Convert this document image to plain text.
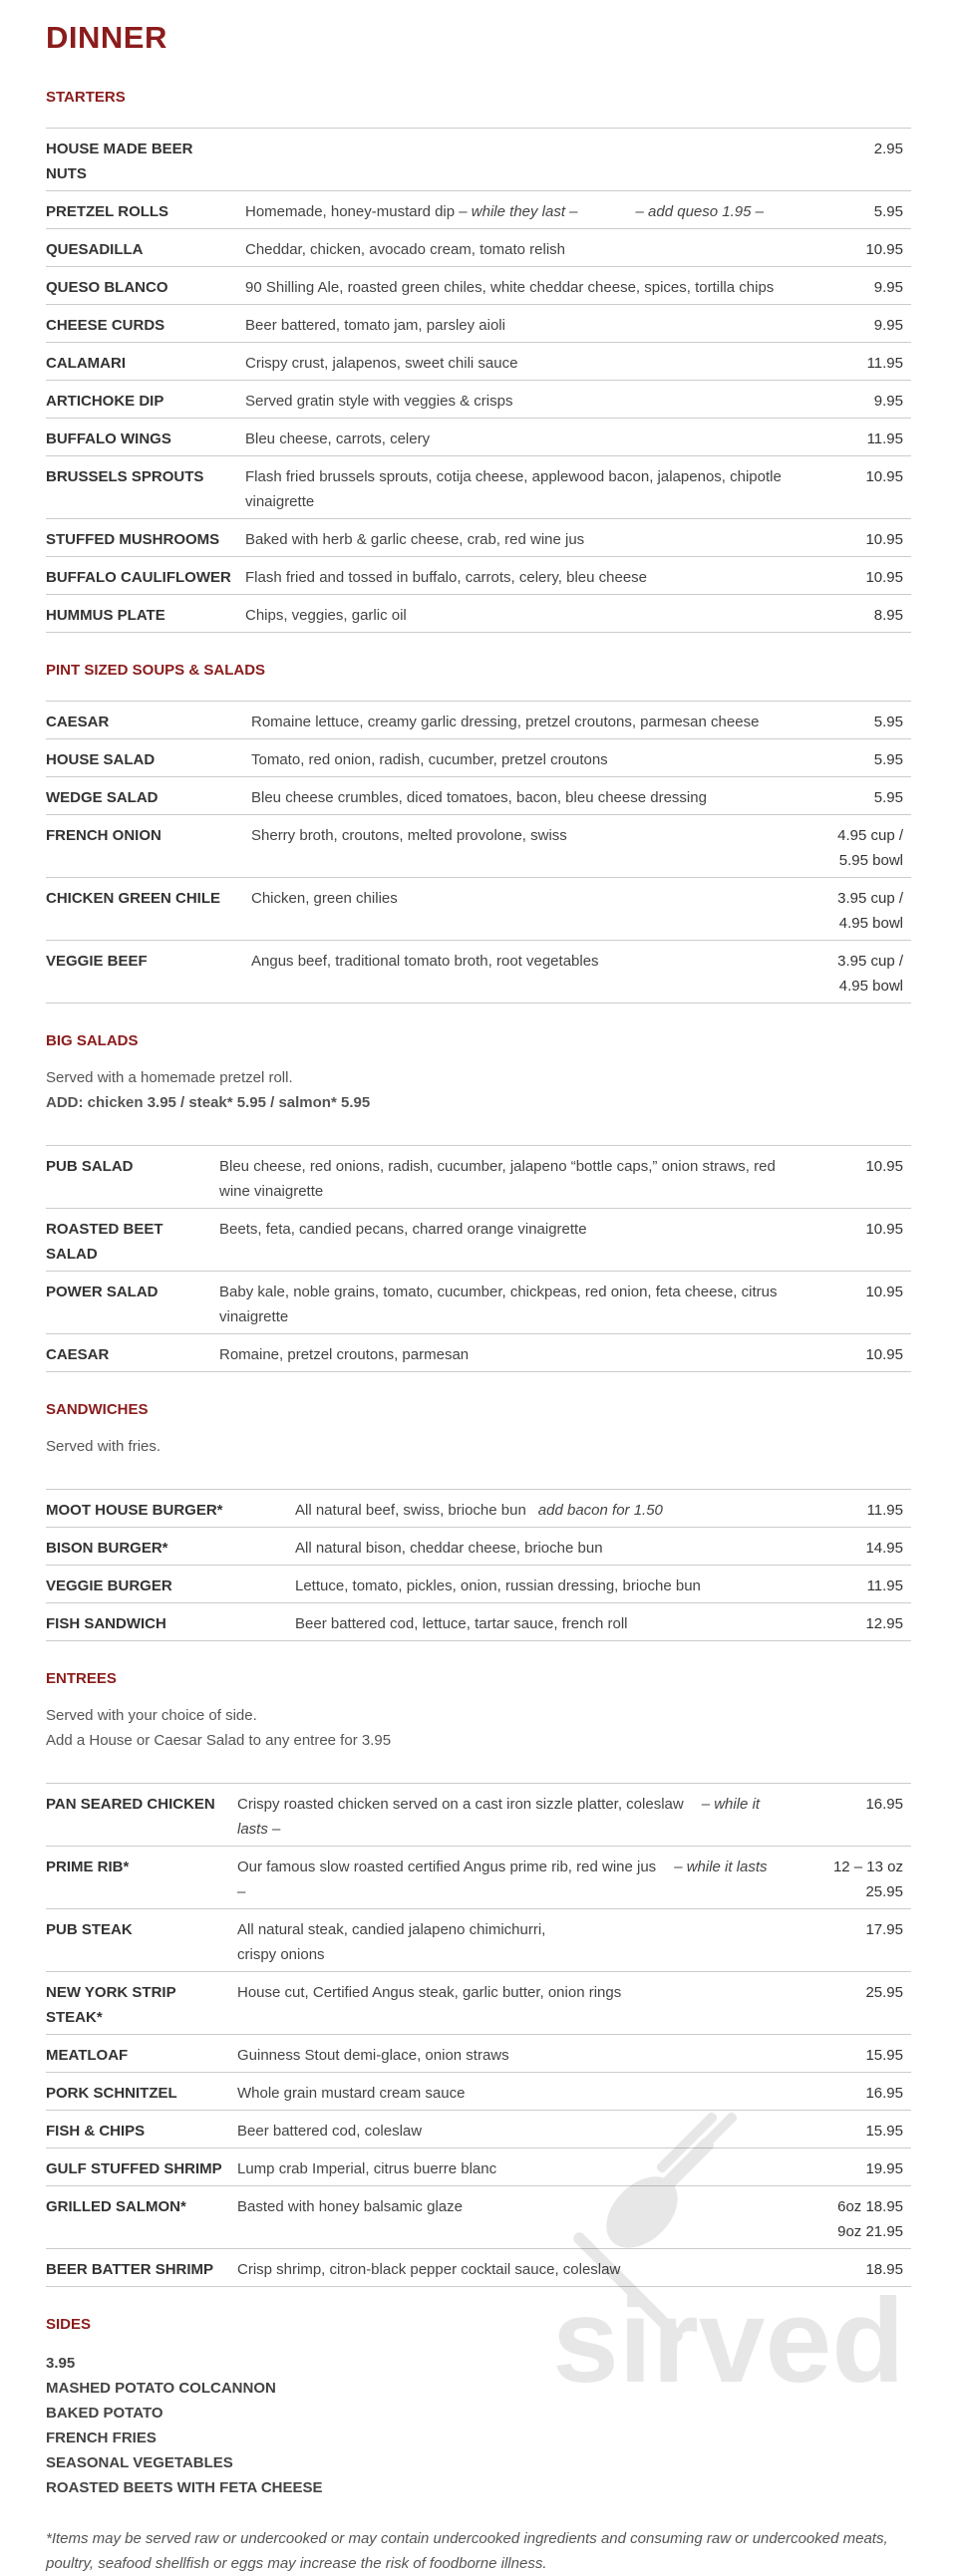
DINNER
STARTERS
HOUSE MADE BEER NUTS		2.95
PRETZEL ROLLS	Homemade, honey-mustard dip – while they last – – add queso 1.95 –	5.95
QUESADILLA	Cheddar, chicken, avocado cream, tomato relish	10.95
QUESO BLANCO	90 Shilling Ale, roasted green chiles, white cheddar cheese, spices, tortilla chips	9.95
CHEESE CURDS	Beer battered, tomato jam, parsley aioli	9.95
CALAMARI	Crispy crust, jalapenos, sweet chili sauce	11.95
ARTICHOKE DIP	Served gratin style with veggies & crisps	9.95
BUFFALO WINGS	Bleu cheese, carrots, celery	11.95
BRUSSELS SPROUTS	Flash fried brussels sprouts, cotija cheese, applewood bacon, jalapenos, chipotle vinaigrette	10.95
STUFFED MUSHROOMS	Baked with herb & garlic cheese, crab, red wine jus	10.95
BUFFALO CAULIFLOWER	Flash fried and tossed in buffalo, carrots, celery, bleu cheese	10.95
HUMMUS PLATE	Chips, veggies, garlic oil	8.95
PINT SIZED SOUPS & SALADS
CAESAR	Romaine lettuce, creamy garlic dressing, pretzel croutons, parmesan cheese	5.95
HOUSE SALAD	Tomato, red onion, radish, cucumber, pretzel croutons	5.95
WEDGE SALAD	Bleu cheese crumbles, diced tomatoes, bacon, bleu cheese dressing	5.95
FRENCH ONION	Sherry broth, croutons, melted provolone, swiss	4.95 cup /
5.95 bowl

CHICKEN GREEN CHILE	Chicken, green chilies	3.95 cup /
4.95 bowl

VEGGIE BEEF	Angus beef, traditional tomato broth, root vegetables	3.95 cup /
4.95 bowl
BIG SALADS
Served with a homemade pretzel roll.
ADD: chicken 3.95 / steak* 5.95 / salmon* 5.95
PUB SALAD	Bleu cheese, red onions, radish, cucumber, jalapeno “bottle caps,” onion straws, red wine vinaigrette	10.95
ROASTED BEET SALAD	Beets, feta, candied pecans, charred orange vinaigrette	10.95
POWER SALAD	Baby kale, noble grains, tomato, cucumber, chickpeas, red onion, feta cheese, citrus vinaigrette	10.95
CAESAR	Romaine, pretzel croutons, parmesan	10.95
SANDWICHES
Served with fries.
MOOT HOUSE BURGER*	All natural beef, swiss, brioche bun add bacon for 1.50	11.95
BISON BURGER*	All natural bison, cheddar cheese, brioche bun	14.95
VEGGIE BURGER	Lettuce, tomato, pickles, onion, russian dressing, brioche bun	11.95
FISH SANDWICH	Beer battered cod, lettuce, tartar sauce, french roll	12.95
ENTREES
Served with your choice of side.
Add a House or Caesar Salad to any entree for 3.95
PAN SEARED CHICKEN	Crispy roasted chicken served on a cast iron sizzle platter, coleslaw – while it lasts –	16.95
PRIME RIB*	Our famous slow roasted certified Angus prime rib, red wine jus – while it lasts –	12 – 13 oz
25.95

PUB STEAK	All natural steak, candied jalapeno chimichurri,
crispy onions	17.95
NEW YORK STRIP STEAK*	House cut, Certified Angus steak, garlic butter, onion rings	25.95
MEATLOAF	Guinness Stout demi-glace, onion straws	15.95
PORK SCHNITZEL	Whole grain mustard cream sauce	16.95
FISH & CHIPS	Beer battered cod, coleslaw	15.95
GULF STUFFED SHRIMP	Lump crab Imperial, citrus buerre blanc	19.95
GRILLED SALMON*	Basted with honey balsamic glaze	6oz 18.95
9oz 21.95

BEER BATTER SHRIMP	Crisp shrimp, citron-black pepper cocktail sauce, coleslaw	18.95
SIDES
3.95
MASHED POTATO COLCANNON
BAKED POTATO
FRENCH FRIES
SEASONAL VEGETABLES
ROASTED BEETS WITH FETA CHEESE
*Items may be served raw or undercooked or may contain undercooked ingredients and consuming raw or undercooked meats, poultry, seafood shellfish or eggs may increase the risk of foodborne illness.
sirved
